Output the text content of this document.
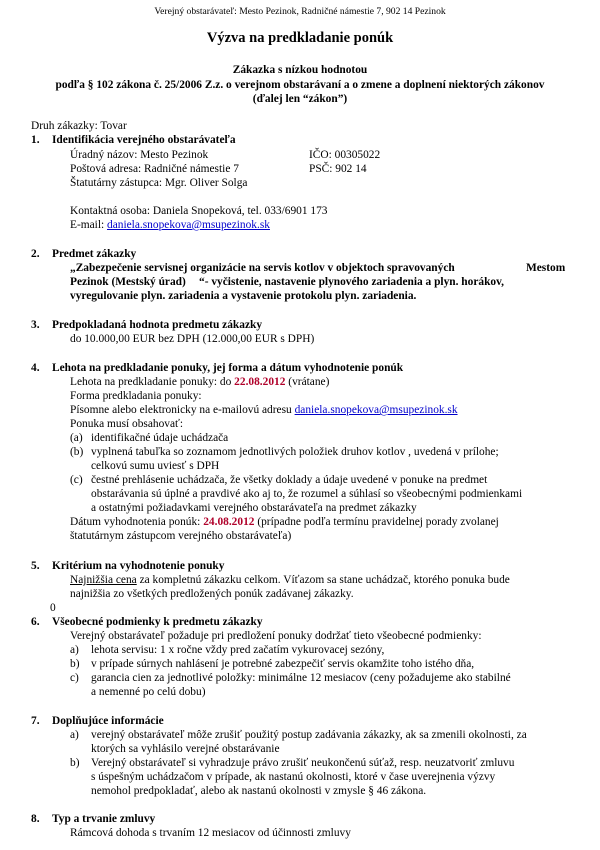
Verejný obstarávateľ: Mesto Pezinok, Radničné námestie 7, 902 14 Pezinok
Výzva na predkladanie ponúk
Zákazka s nízkou hodnotou
podľa § 102 zákona č. 25/2006 Z.z. o verejnom obstarávaní a o zmene a doplnení niektorých zákonov
(ďalej len “zákon”)
Druh zákazky: Tovar
1. Identifikácia verejného obstarávateľa
Úradný názov: Mesto Pezinok	IČO: 00305022
Poštová adresa: Radničné námestie 7	PSČ: 902 14
Štatutárny zástupca: Mgr. Oliver Solga
Kontaktná osoba: Daniela Snopeková, tel. 033/6901 173
E-mail: daniela.snopekova@msupezinok.sk
2. Predmet zákazky
„Zabezpečenie servisnej organizácie na servis kotlov v objektoch spravovaných	Mestom
Pezinok (Mestský úrad) “- vyčistenie, nastavenie plynového zariadenia a plyn. horákov,
vyregulovanie plyn. zariadenia a vystavenie protokolu plyn. zariadenia.
3. Predpokladaná hodnota predmetu zákazky
do 10.000,00 EUR bez DPH (12.000,00 EUR s DPH)
4. Lehota na predkladanie ponuky, jej forma a dátum vyhodnotenie ponúk
Lehota na predkladanie ponuky: do 22.08.2012 (vrátane)
Forma predkladania ponuky:
Písomne alebo elektronicky na e-mailovú adresu daniela.snopekova@msupezinok.sk
Ponuka musí obsahovať:
(a) identifikačné údaje uchádzača
(b) vyplnená tabuľka so zoznamom jednotlivých položiek druhov kotlov , uvedená v prílohe;
celkovú sumu uviesť s DPH
(c) čestné prehlásenie uchádzača, že všetky doklady a údaje uvedené v ponuke na predmet
obstarávania sú úplné a pravdivé ako aj to, že rozumel a súhlasí so všeobecnými podmienkami
a ostatnými požiadavkami verejného obstarávateľa na predmet zákazky
Dátum vyhodnotenia ponúk: 24.08.2012 (prípadne podľa termínu pravidelnej porady zvolanej
štatutárnym zástupcom verejného obstarávateľa)
5. Kritérium na vyhodnotenie ponuky
Najnižšia cena za kompletnú zákazku celkom. Víťazom sa stane uchádzač, ktorého ponuka bude
najnižšia zo všetkých predložených ponúk zadávanej zákazky.
0
6. Všeobecné podmienky k predmetu zákazky
Verejný obstarávateľ požaduje pri predložení ponuky dodržať tieto všeobecné podmienky:
a) lehota servisu: 1 x ročne vždy pred začatím vykurovacej sezóny,
b) v prípade súrnych nahlásení je potrebné zabezpečiť servis okamžite toho istého dňa,
c) garancia cien za jednotlivé položky: minimálne 12 mesiacov (ceny požadujeme ako stabilné
a nemenné po celú dobu)
7. Doplňujúce informácie
a) verejný obstarávateľ môže zrušiť použitý postup zadávania zákazky, ak sa zmenili okolnosti, za
ktorých sa vyhlásilo verejné obstarávanie
b) Verejný obstarávateľ si vyhradzuje právo zrušiť neukončenú súťaž, resp. neuzatvoriť zmluvu
s úspešným uchádzačom v prípade, ak nastanú okolnosti, ktoré v čase uverejnenia výzvy
nemohol predpokladať, alebo ak nastanú okolnosti v zmysle § 46 zákona.
8. Typ a trvanie zmluvy
Rámcová dohoda s trvaním 12 mesiacov od účinnosti zmluvy
